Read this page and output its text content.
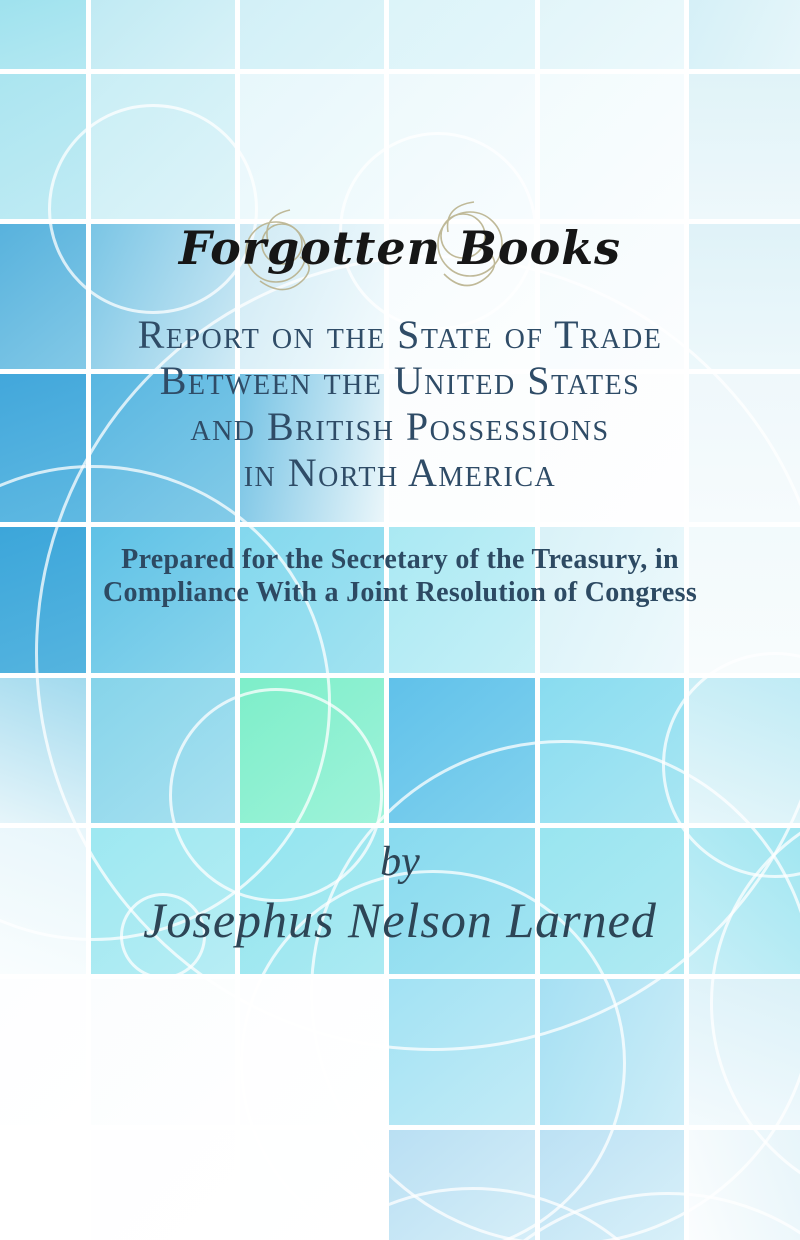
Forgotten Books
Report on the State of Trade
Between the United States
and British Possessions
in North America
Prepared for the Secretary of the Treasury, in
Compliance With a Joint Resolution of Congress
by
Josephus Nelson Larned
